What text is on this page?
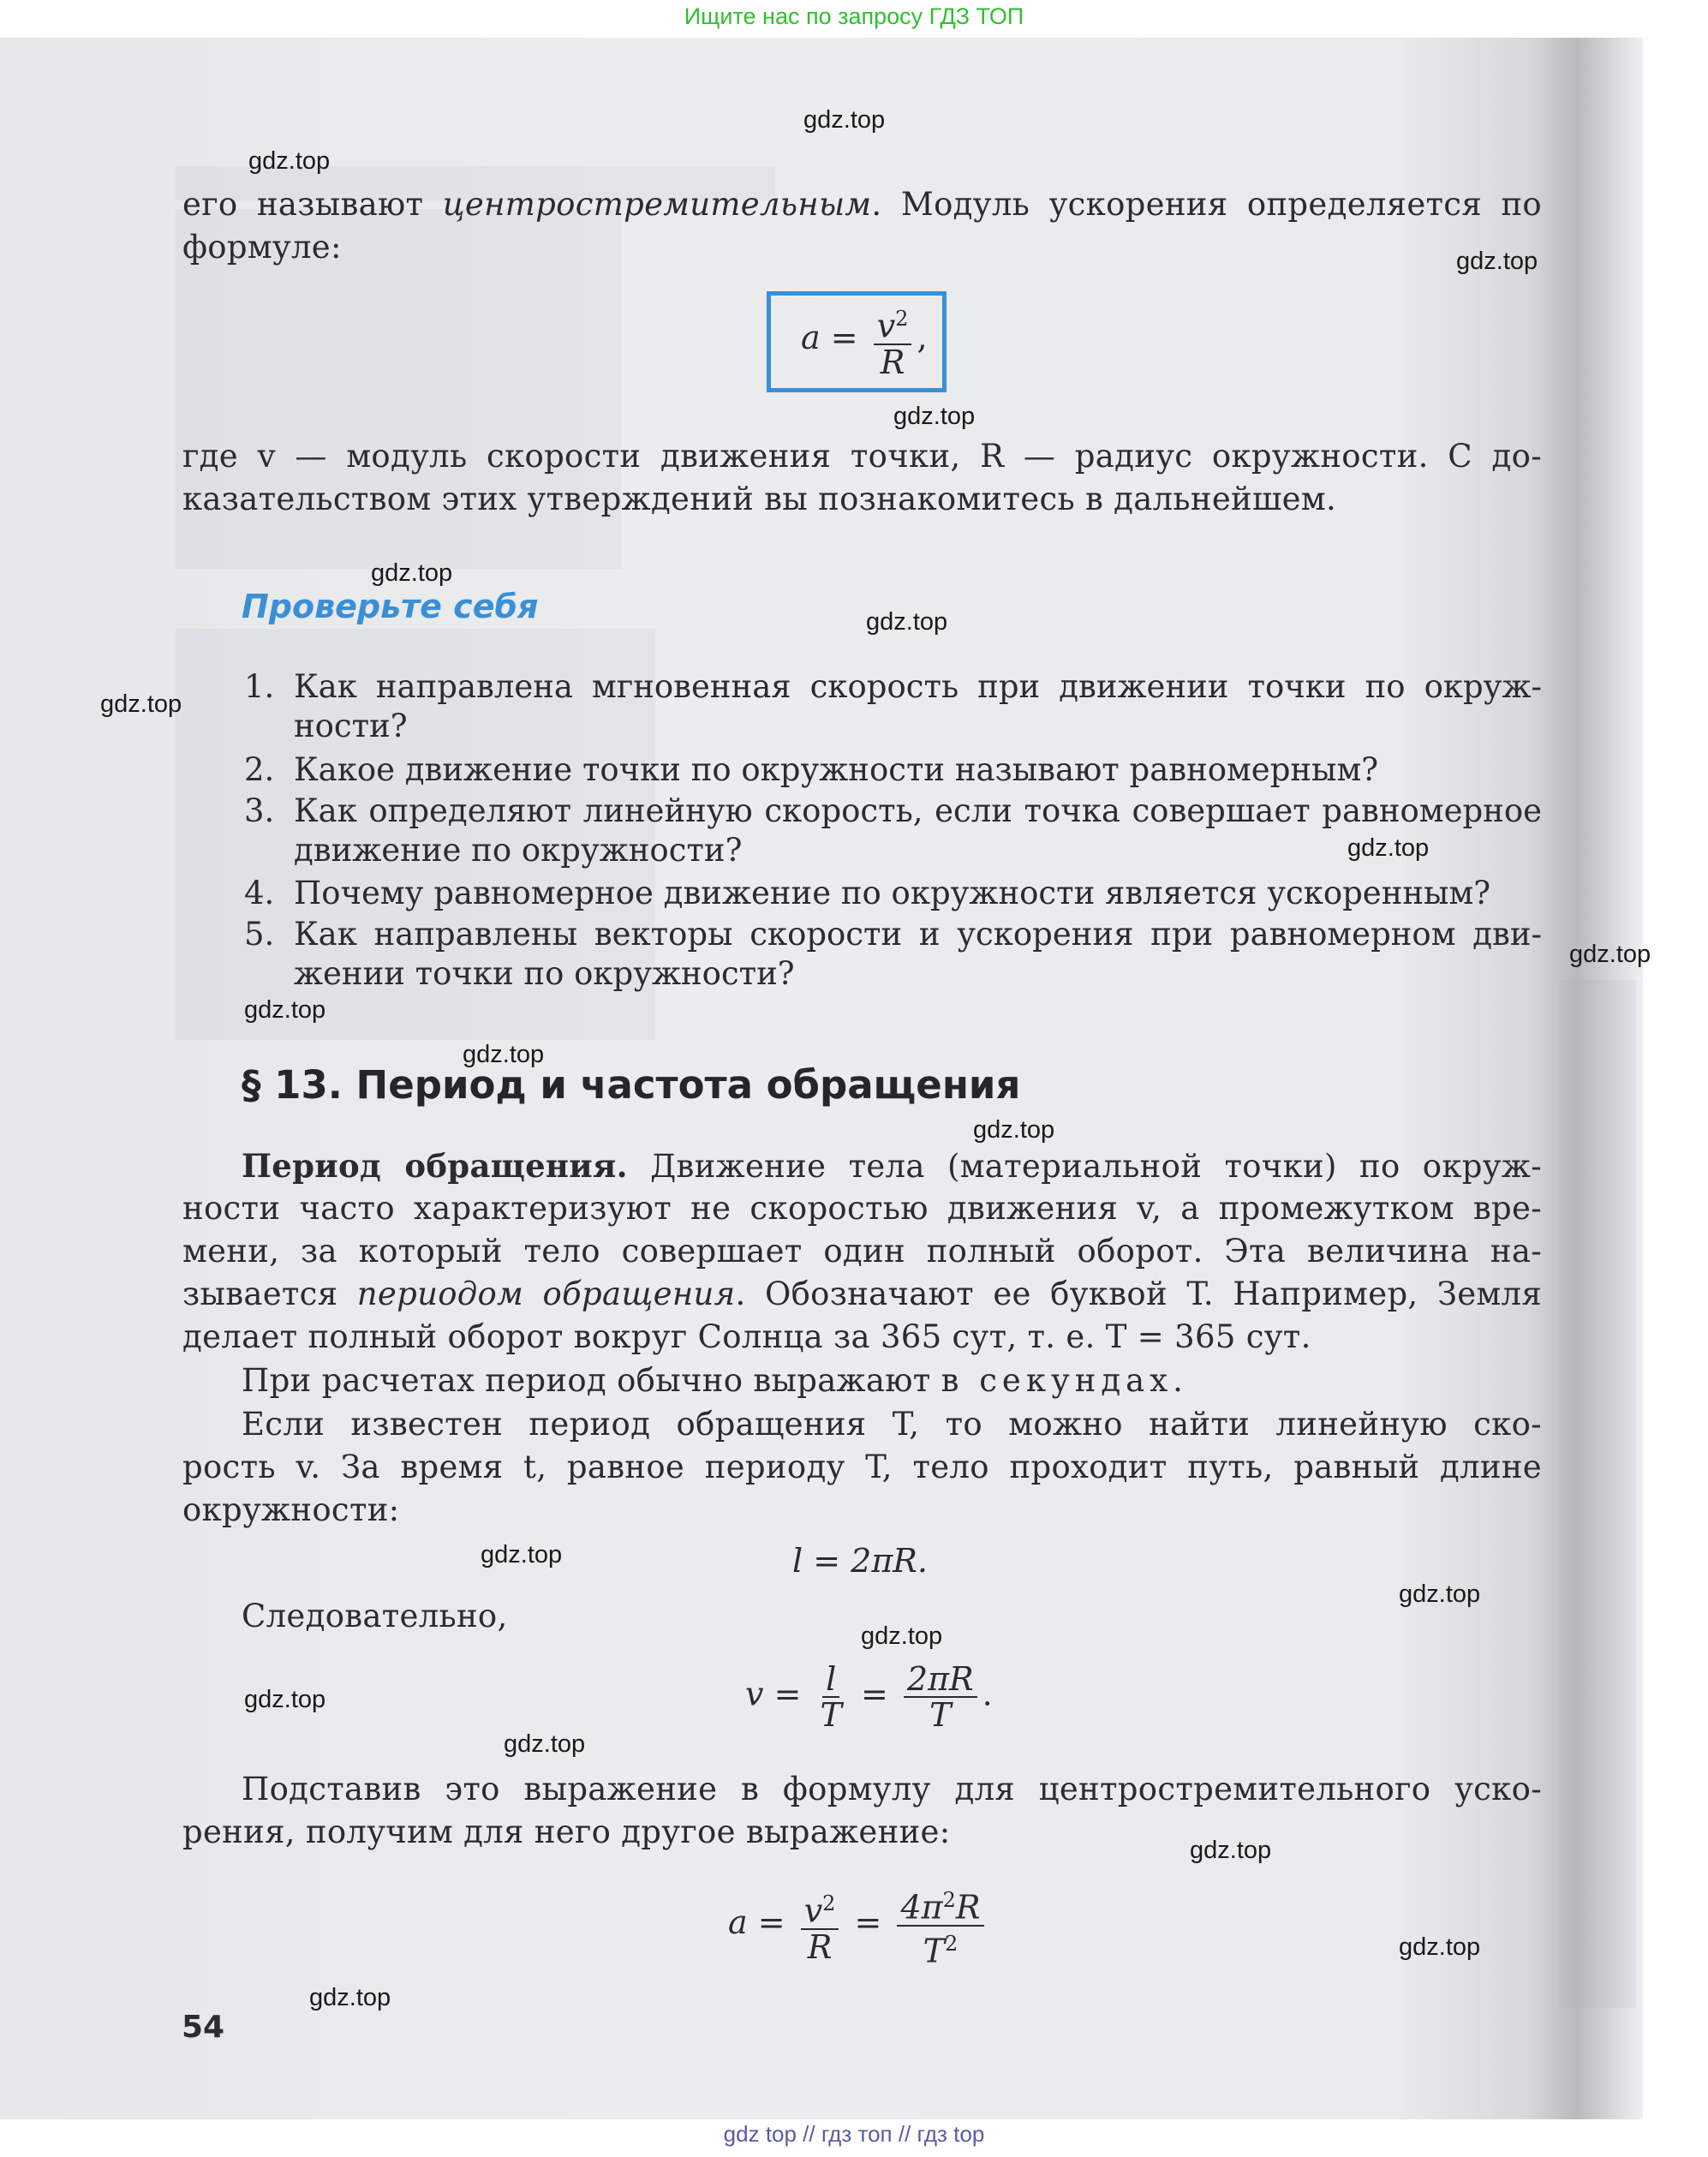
Ищите нас по запросу ГДЗ ТОП
его называют центростремительным. Модуль ускорения определяется по
формуле:
$a = \frac{v^2}{R}$ ,
где v — модуль скорости движения точки, R — радиус окружности. С до-
казательством этих утверждений вы познакомитесь в дальнейшем.
Проверьте себя
1. Как направлена мгновенная скорость при движении точки по окруж-
ности?
2. Какое движение точки по окружности называют равномерным?
3. Как определяют линейную скорость, если точка совершает равномерное
движение по окружности?
4. Почему равномерное движение по окружности является ускоренным?
5. Как направлены векторы скорости и ускорения при равномерном дви-
жении точки по окружности?
§ 13. Период и частота обращения
Период обращения. Движение тела (материальной точки) по окруж-
ности часто характеризуют не скоростью движения v, а промежутком вре-
мени, за который тело совершает один полный оборот. Эта величина на-
зывается периодом обращения. Обозначают ее буквой T. Например, Земля
делает полный оборот вокруг Солнца за 365 сут, т. е. T = 365 сут.
При расчетах период обычно выражают в секундах.
Если известен период обращения T, то можно найти линейную ско-
рость v. За время t, равное периоду T, тело проходит путь, равный длине
окружности:
l = 2πR.
Следовательно,
$v = \frac{l}{T} = \frac{2\pi R}{T}$ .
Подставив это выражение в формулу для центростремительного уско-
рения, получим для него другое выражение:
$a = \frac{v^2}{R} = \frac{4\pi^2R}{T^2}$
54
gdz.top
gdz.top
gdz.top
gdz.top
gdz.top
gdz.top
gdz.top
gdz.top
gdz.top
gdz.top
gdz.top
gdz.top
gdz.top
gdz.top
gdz.top
gdz.top
gdz.top
gdz.top
gdz.top
gdz.top
gdz top // гдз топ // гдз top
